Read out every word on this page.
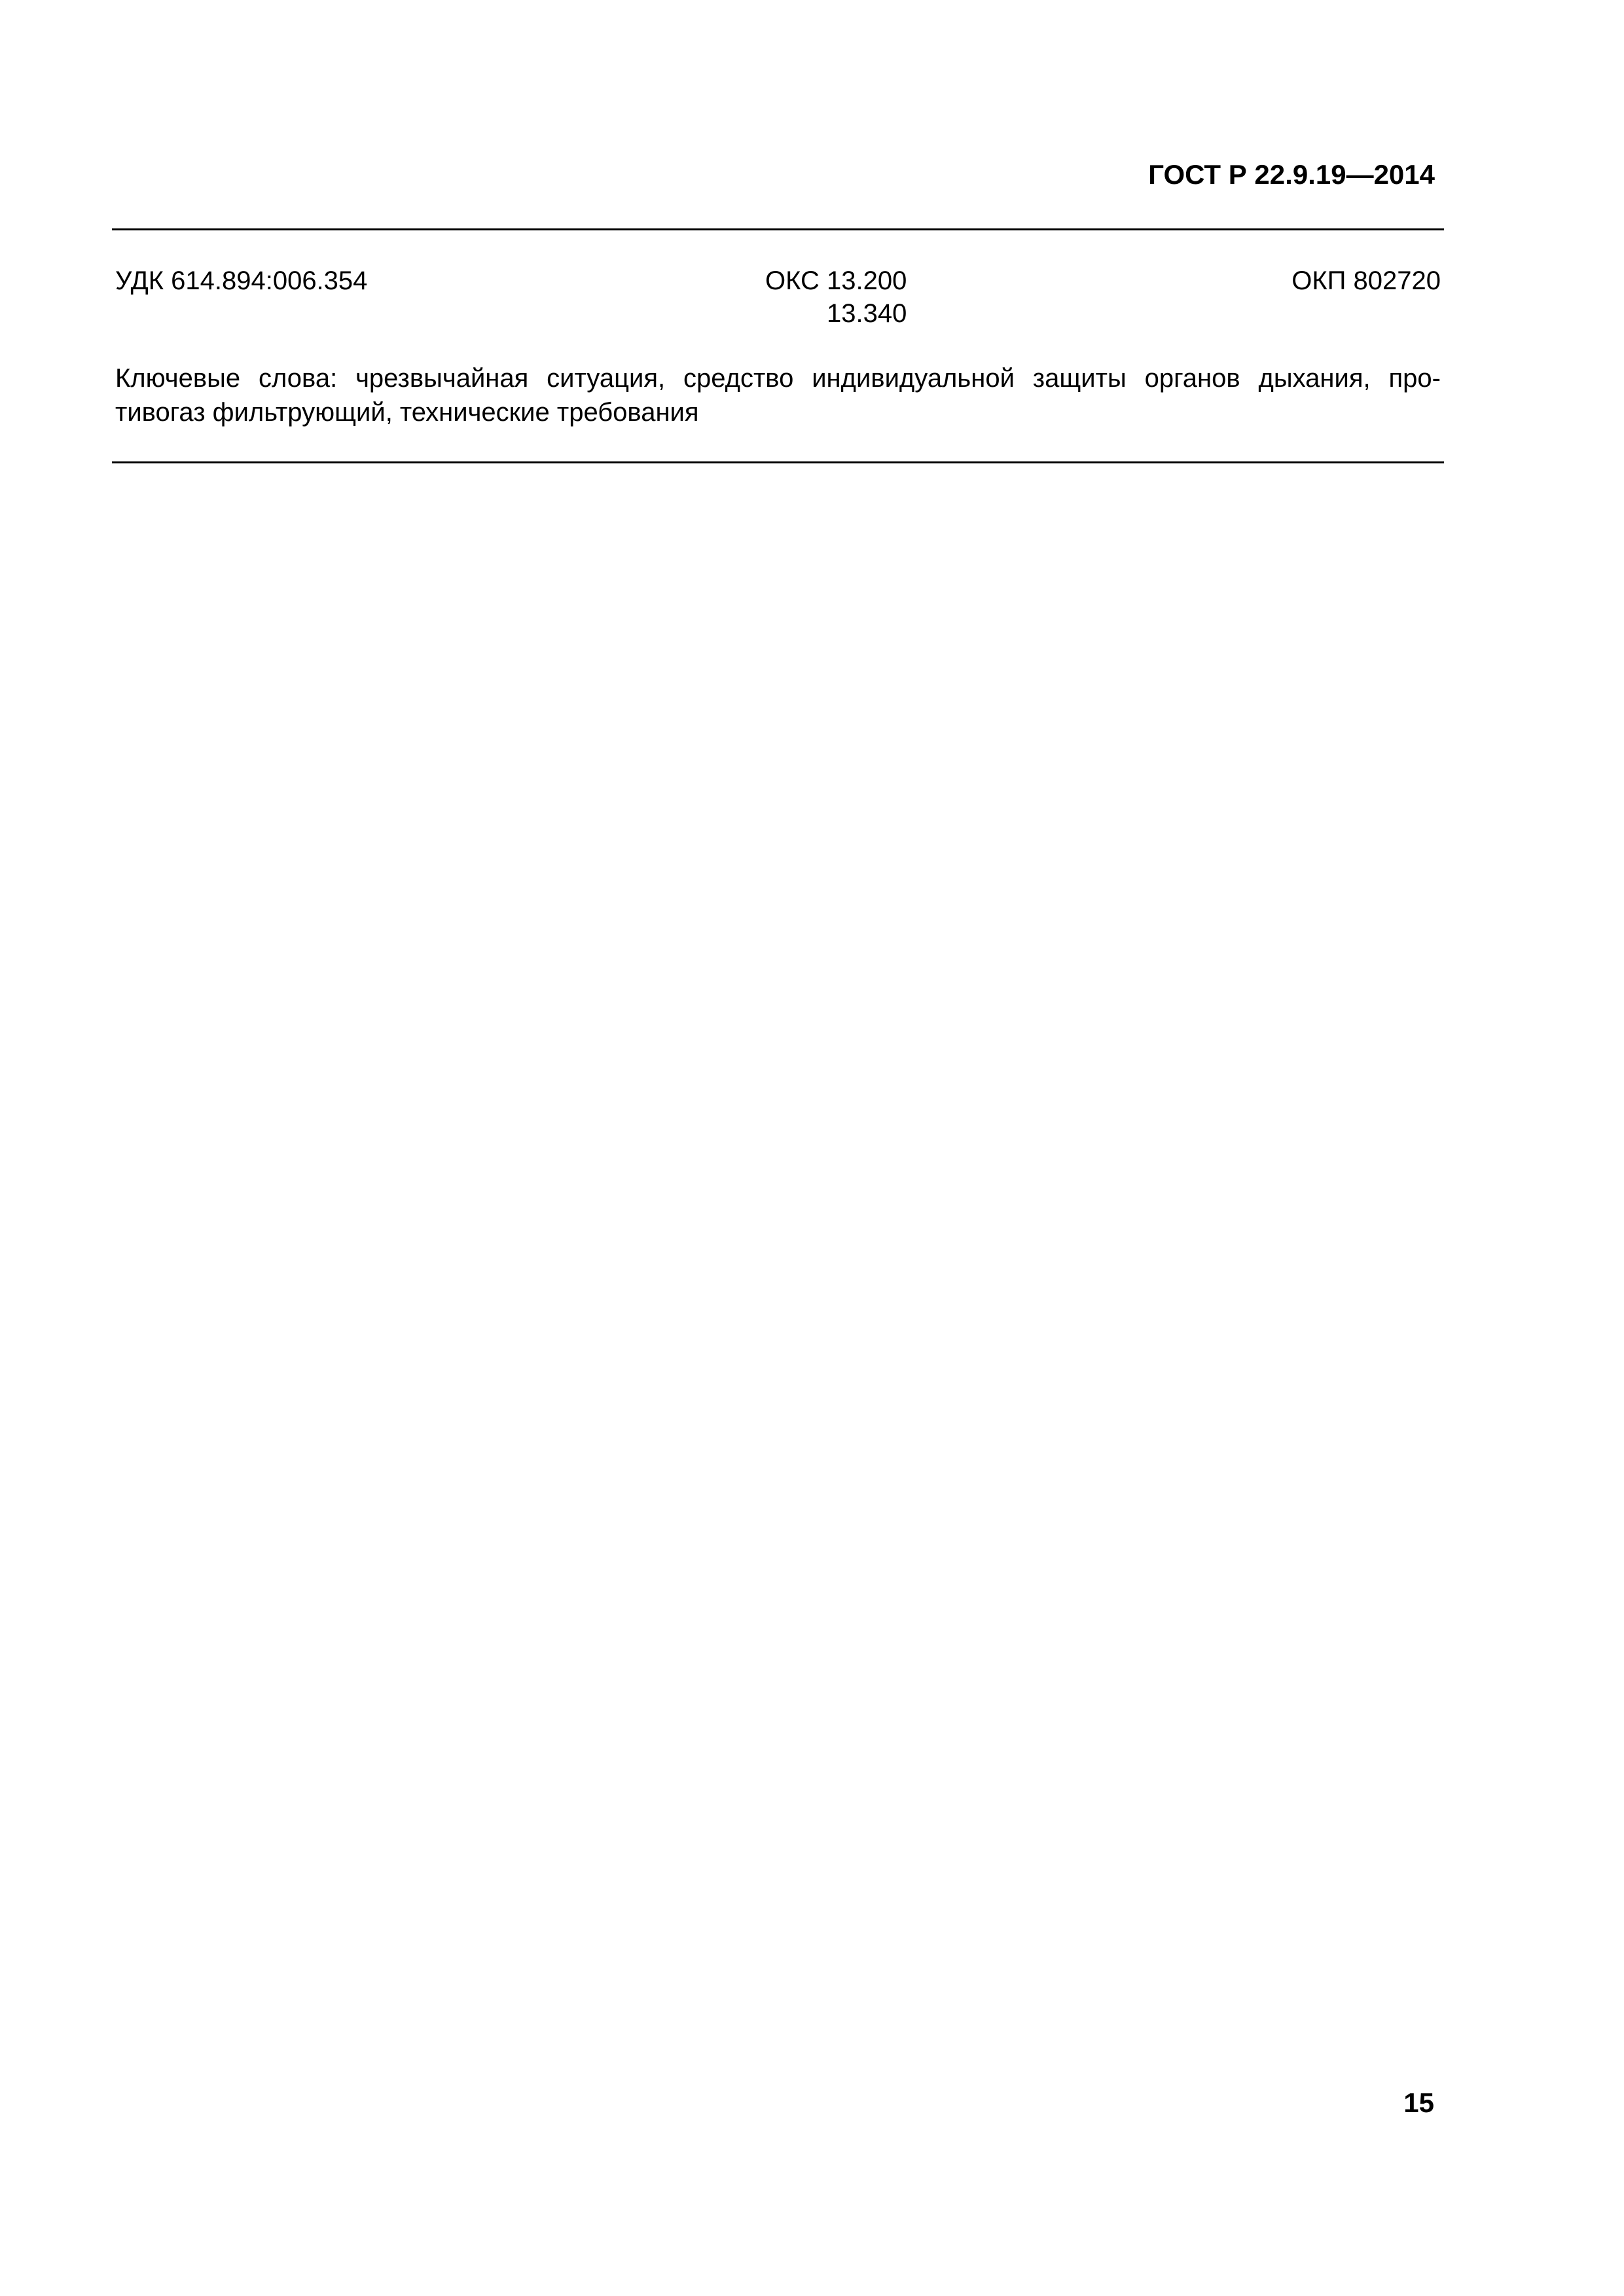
ГОСТ Р 22.9.19—2014
УДК 614.894:006.354	ОКС 13.200
13.340
ОКП 802720
Ключевые слова: чрезвычайная ситуация, средство индивидуальной защиты органов дыхания, про-
тивогаз фильтрующий, технические требования
15
